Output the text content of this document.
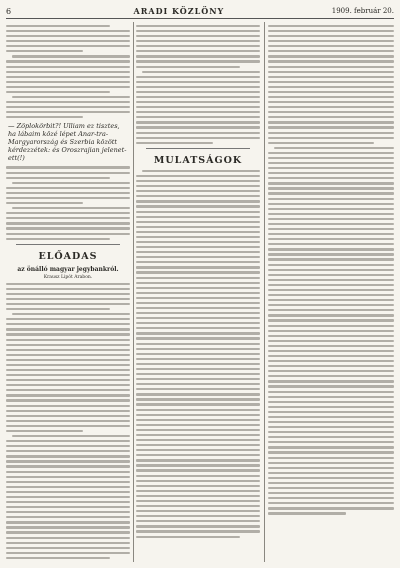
6	ARADI KÖZLÖNY	1909. február 20.
— Zöplokörbit?! Ulliam ez tisztes, ha lábaim közé lépet Anar-tra-Margyarország és Szerbia között kérdezzétek: és Oroszrajian jelenet-ett(!)
ELŐADAS
az önálló magyar jegybankról.
Krausz Lipót Arabon.
MULATSÁGOK
